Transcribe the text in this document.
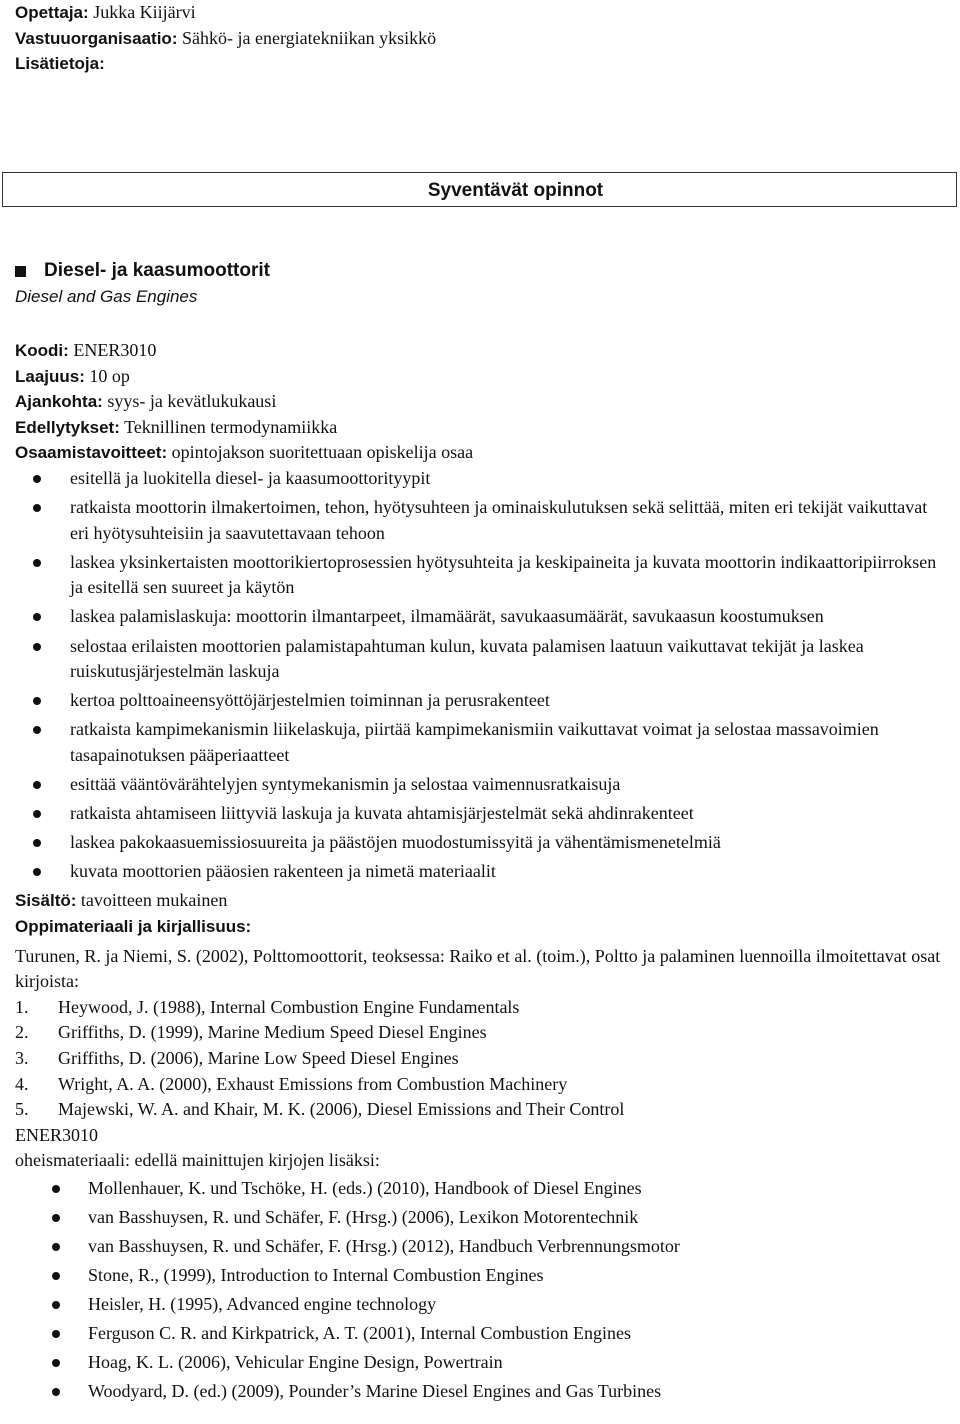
Opettaja: Jukka Kiijärvi
Vastuuorganisaatio: Sähkö- ja energiatekniikan yksikkö
Lisätietoja:
Syventävät opinnot
Diesel- ja kaasumoottorit
Diesel and Gas Engines
Koodi: ENER3010
Laajuus: 10 op
Ajankohta: syys- ja kevätlukukausi
Edellytykset: Teknillinen termodynamiikka
Osaamistavoitteet: opintojakson suoritettuaan opiskelija osaa
esitellä ja luokitella diesel- ja kaasumoottorityypit
ratkaista moottorin ilmakertoimen, tehon, hyötysuhteen ja ominaiskulutuksen sekä selittää, miten eri tekijät vaikuttavat eri hyötysuhteisiin ja saavutettavaan tehoon
laskea yksinkertaisten moottorikiertoprosessien hyötysuhteita ja keskipaineita ja kuvata moottorin indikaattoripiirroksen ja esitellä sen suureet ja käytön
laskea palamislaskuja: moottorin ilmantarpeet, ilmamäärät, savukaasumäärät, savukaasun koostumuksen
selostaa erilaisten moottorien palamistapahtuman kulun, kuvata palamisen laatuun vaikuttavat tekijät ja laskea ruiskutusjärjestelmän laskuja
kertoa polttoaineensyöttöjärjestelmien toiminnan ja perusrakenteet
ratkaista kampimekanismin liikelaskuja, piirtää kampimekanismiin vaikuttavat voimat ja selostaa massavoimien tasapainotuksen pääperiaatteet
esittää vääntövärähtelyjen syntymekanismin ja selostaa vaimennusratkaisuja
ratkaista ahtamiseen liittyviä laskuja ja kuvata ahtamisjärjestelmät sekä ahdinrakenteet
laskea pakokaasuemissiosuureita ja päästöjen muodostumissyitä ja vähentämismenetelmiä
kuvata moottorien pääosien rakenteen ja nimetä materiaalit
Sisältö: tavoitteen mukainen
Oppimateriaali ja kirjallisuus:
Turunen, R. ja Niemi, S. (2002), Polttomoottorit, teoksessa: Raiko et al. (toim.), Poltto ja palaminen luennoilla ilmoitettavat osat kirjoista:
1. Heywood, J. (1988), Internal Combustion Engine Fundamentals
2. Griffiths, D. (1999), Marine Medium Speed Diesel Engines
3. Griffiths, D. (2006), Marine Low Speed Diesel Engines
4. Wright, A. A. (2000), Exhaust Emissions from Combustion Machinery
5. Majewski, W. A. and Khair, M. K. (2006), Diesel Emissions and Their Control
ENER3010
oheismateriaali: edellä mainittujen kirjojen lisäksi:
Mollenhauer, K. und Tschöke, H. (eds.) (2010), Handbook of Diesel Engines
van Basshuysen, R. und Schäfer, F. (Hrsg.) (2006), Lexikon Motorentechnik
van Basshuysen, R. und Schäfer, F. (Hrsg.) (2012), Handbuch Verbrennungsmotor
Stone, R., (1999), Introduction to Internal Combustion Engines
Heisler, H. (1995), Advanced engine technology
Ferguson C. R. and Kirkpatrick, A. T. (2001), Internal Combustion Engines
Hoag, K. L. (2006), Vehicular Engine Design, Powertrain
Woodyard, D. (ed.) (2009), Pounder’s Marine Diesel Engines and Gas Turbines
